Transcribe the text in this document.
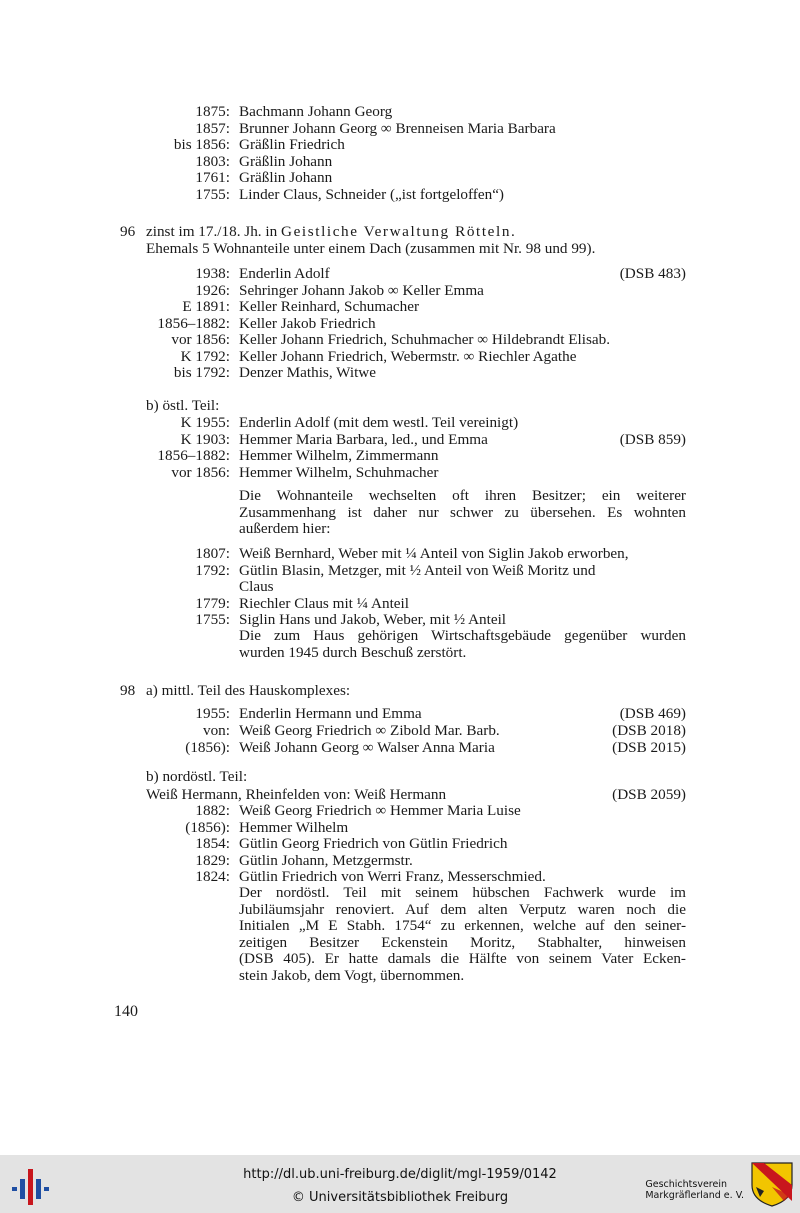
1875: Bachmann Johann Georg
1857: Brunner Johann Georg ∞ Brenneisen Maria Barbara
bis 1856: Gräßlin Friedrich
1803: Gräßlin Johann
1761: Gräßlin Johann
1755: Linder Claus, Schneider („ist fortgeloffen“)
96 zinst im 17./18. Jh. in Geistliche Verwaltung Rötteln.
Ehemals 5 Wohnanteile unter einem Dach (zusammen mit Nr. 98 und 99).
1938: Enderlin Adolf	(DSB 483)
1926: Sehringer Johann Jakob ∞ Keller Emma
E 1891: Keller Reinhard, Schumacher
1856–1882: Keller Jakob Friedrich
vor 1856: Keller Johann Friedrich, Schuhmacher ∞ Hildebrandt Elisab.
K 1792: Keller Johann Friedrich, Webermstr. ∞ Riechler Agathe
bis 1792: Denzer Mathis, Witwe
b) östl. Teil:
K 1955: Enderlin Adolf (mit dem westl. Teil vereinigt)
K 1903: Hemmer Maria Barbara, led., und Emma	(DSB 859)
1856–1882: Hemmer Wilhelm, Zimmermann
vor 1856: Hemmer Wilhelm, Schuhmacher
Die Wohnanteile wechselten oft ihren Besitzer; ein weiterer
Zusammenhang ist daher nur schwer zu übersehen. Es wohnten
außerdem hier:
1807: Weiß Bernhard, Weber mit ¼ Anteil von Siglin Jakob erworben,
1792: Gütlin Blasin, Metzger, mit ½ Anteil von Weiß Moritz und
Claus
1779: Riechler Claus mit ¼ Anteil
1755: Siglin Hans und Jakob, Weber, mit ½ Anteil
Die zum Haus gehörigen Wirtschaftsgebäude gegenüber wurden
wurden 1945 durch Beschuß zerstört.
98 a) mittl. Teil des Hauskomplexes:
1955: Enderlin Hermann und Emma	(DSB 469)
von: Weiß Georg Friedrich ∞ Zibold Mar. Barb.	(DSB 2018)
(1856): Weiß Johann Georg ∞ Walser Anna Maria	(DSB 2015)
b) nordöstl. Teil:
Weiß Hermann, Rheinfelden von: Weiß Hermann	(DSB 2059)
1882: Weiß Georg Friedrich ∞ Hemmer Maria Luise
(1856): Hemmer Wilhelm
1854: Gütlin Georg Friedrich von Gütlin Friedrich
1829: Gütlin Johann, Metzgermstr.
1824: Gütlin Friedrich von Werri Franz, Messerschmied.
Der nordöstl. Teil mit seinem hübschen Fachwerk wurde im
Jubiläumsjahr renoviert. Auf dem alten Verputz waren noch die
Initialen „M E Stabh. 1754“ zu erkennen, welche auf den seiner-
zeitigen Besitzer Eckenstein Moritz, Stabhalter, hinweisen
(DSB 405). Er hatte damals die Hälfte von seinem Vater Ecken-
stein Jakob, dem Vogt, übernommen.
140
http://dl.ub.uni-freiburg.de/diglit/mgl-1959/0142
© Universitätsbibliothek Freiburg
Geschichtsverein
Markgräflerland e. V.
